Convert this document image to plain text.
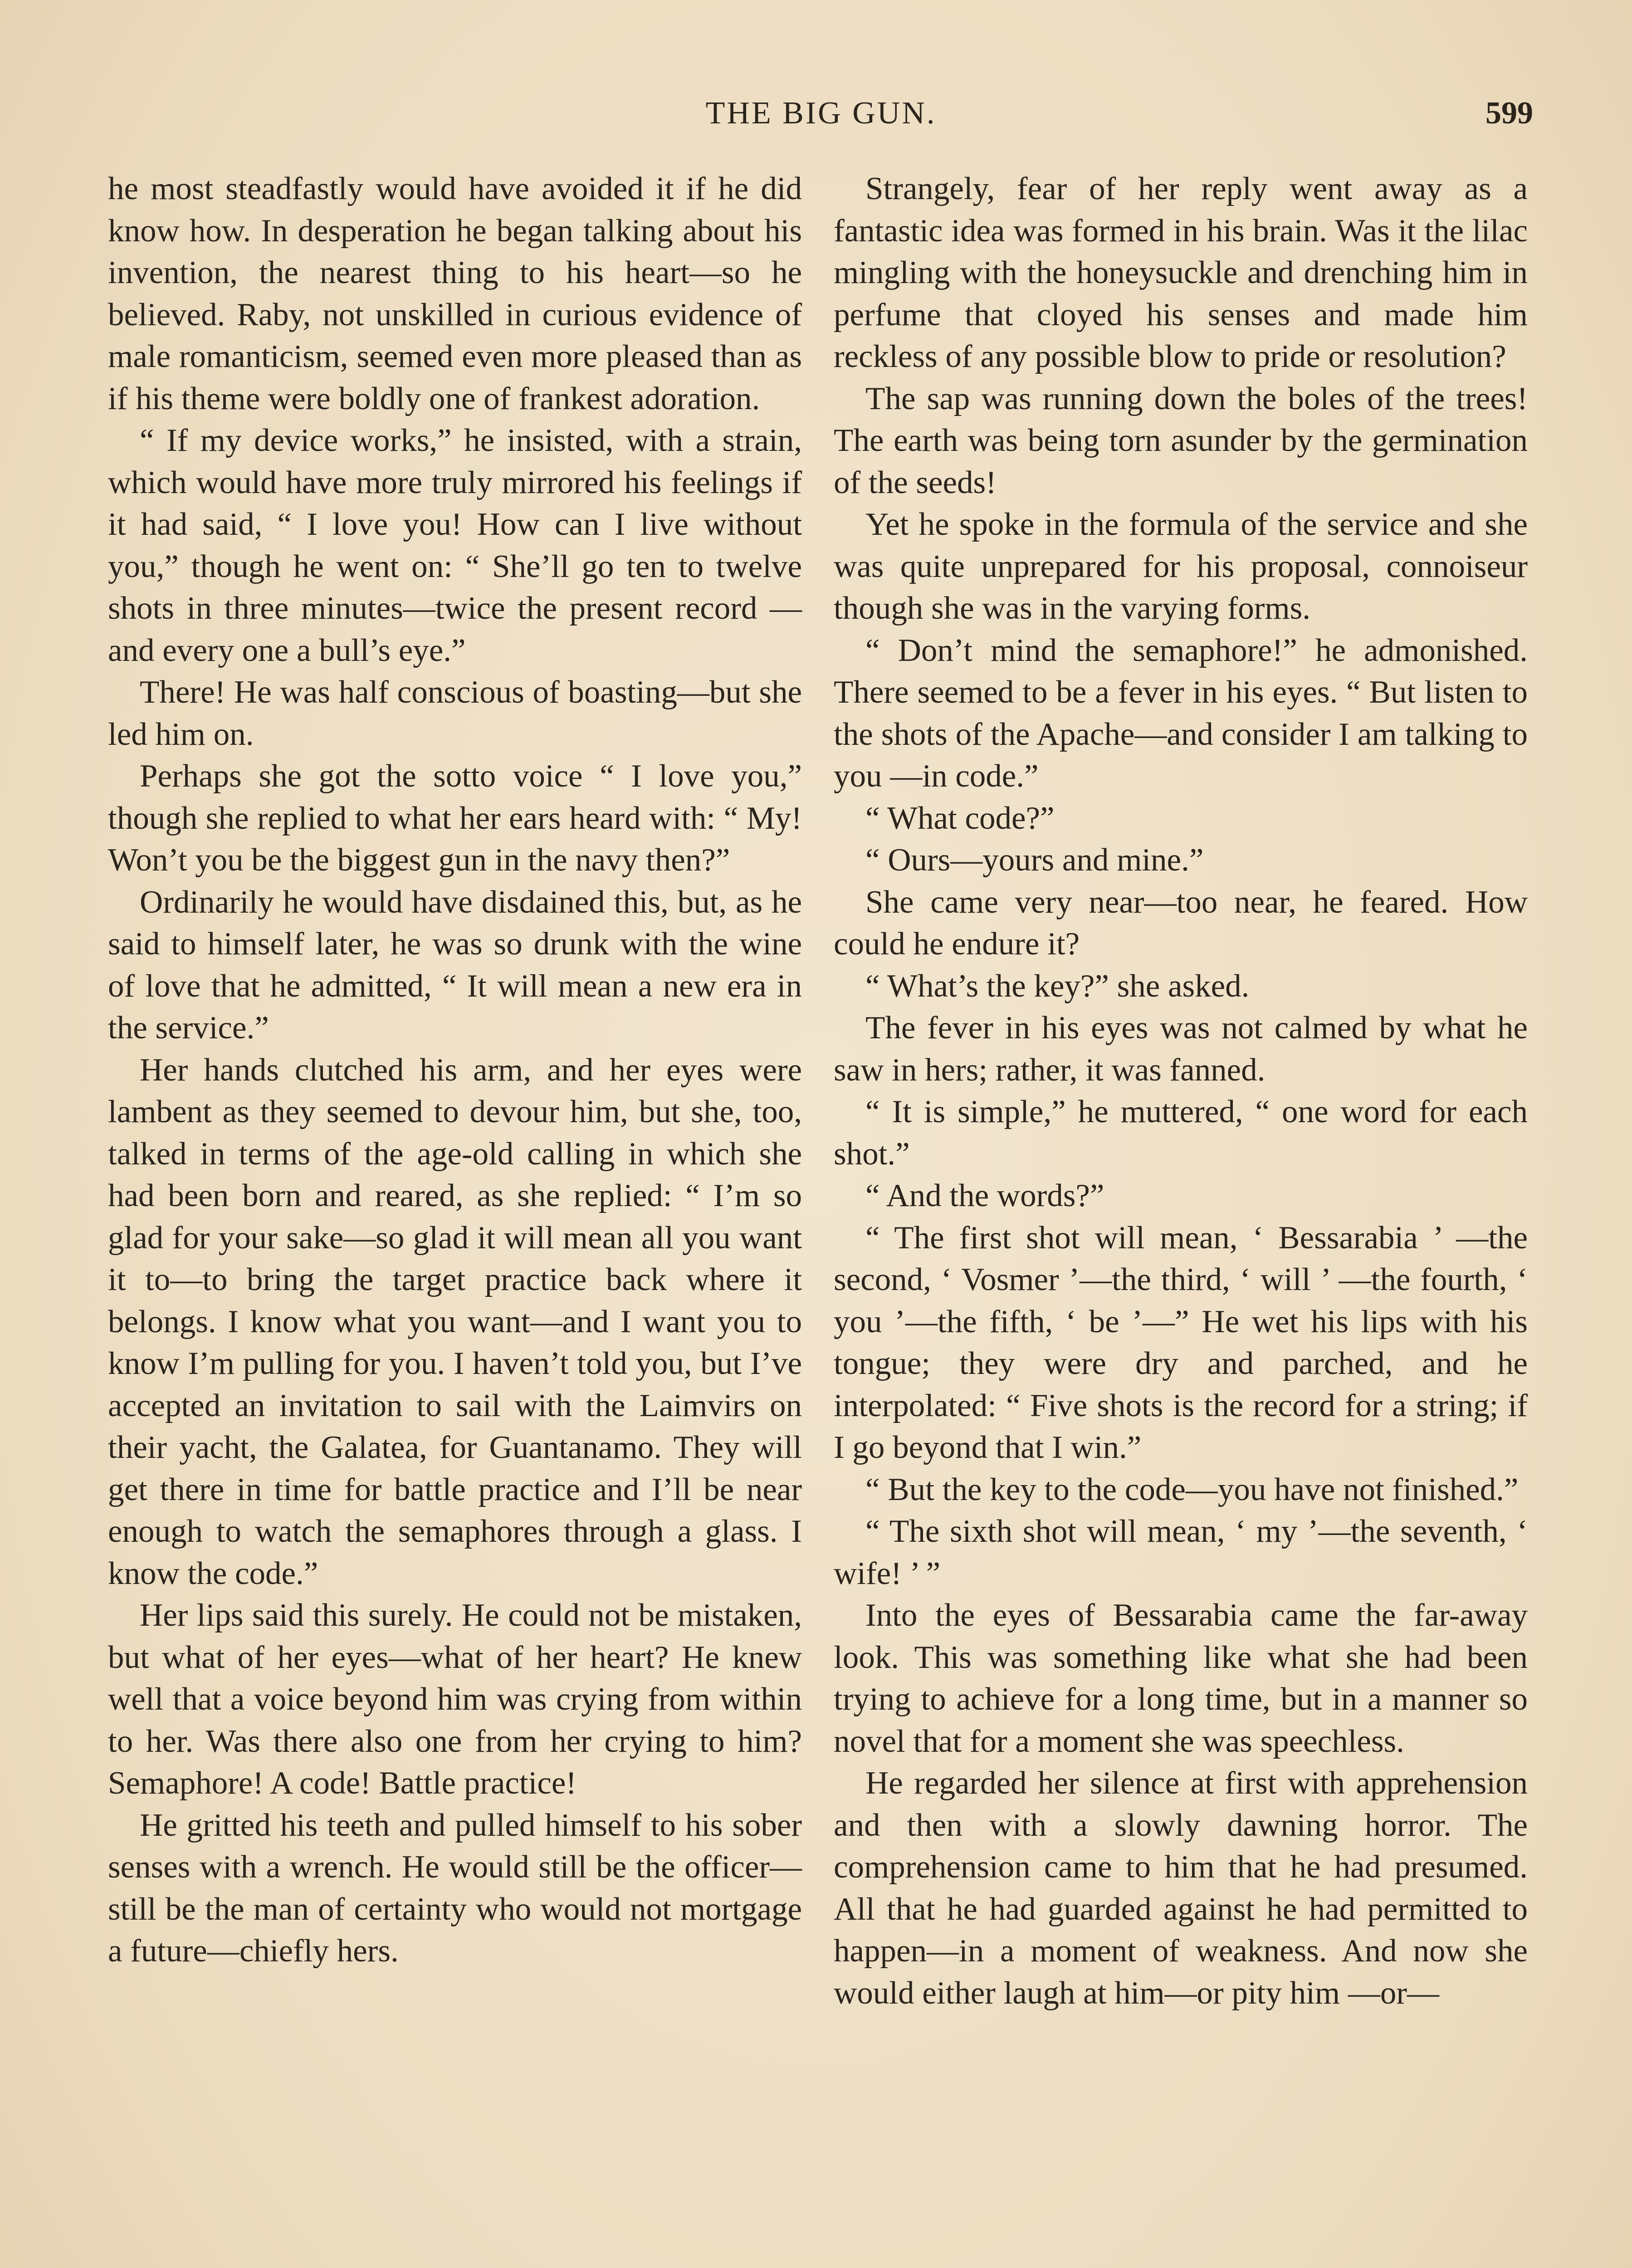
THE BIG GUN.	599

he most steadfastly would have avoided it if he did know how. In desperation he began talking about his invention, the nearest thing to his heart—so he believed. Raby, not unskilled in curious evidence of male romanticism, seemed even more pleased than as if his theme were boldly one of frankest adoration.

“ If my device works,” he insisted, with a strain, which would have more truly mirrored his feelings if it had said, “ I love you! How can I live without you,” though he went on: “ She’ll go ten to twelve shots in three minutes—twice the present record —and every one a bull’s eye.”

There! He was half conscious of boasting—but she led him on.

Perhaps she got the sotto voice “ I love you,” though she replied to what her ears heard with: “ My! Won’t you be the biggest gun in the navy then?”

Ordinarily he would have disdained this, but, as he said to himself later, he was so drunk with the wine of love that he admitted, “ It will mean a new era in the service.”

Her hands clutched his arm, and her eyes were lambent as they seemed to devour him, but she, too, talked in terms of the age-old calling in which she had been born and reared, as she replied: “ I’m so glad for your sake—so glad it will mean all you want it to—to bring the target practice back where it belongs. I know what you want—and I want you to know I’m pulling for you. I haven’t told you, but I’ve accepted an invitation to sail with the Laimvirs on their yacht, the Galatea, for Guantanamo. They will get there in time for battle practice and I’ll be near enough to watch the semaphores through a glass. I know the code.”

Her lips said this surely. He could not be mistaken, but what of her eyes—what of her heart? He knew well that a voice beyond him was crying from within to her. Was there also one from her crying to him? Semaphore! A code! Battle practice!

He gritted his teeth and pulled himself to his sober senses with a wrench. He would still be the officer—still be the man of certainty who would not mortgage a future—chiefly hers.

Strangely, fear of her reply went away as a fantastic idea was formed in his brain. Was it the lilac mingling with the honeysuckle and drenching him in perfume that cloyed his senses and made him reckless of any possible blow to pride or resolution?

The sap was running down the boles of the trees! The earth was being torn asunder by the germination of the seeds!

Yet he spoke in the formula of the service and she was quite unprepared for his proposal, connoiseur though she was in the varying forms.

“ Don’t mind the semaphore!” he admonished. There seemed to be a fever in his eyes. “ But listen to the shots of the Apache—and consider I am talking to you —in code.”

“ What code?”

“ Ours—yours and mine.”

She came very near—too near, he feared. How could he endure it?

“ What’s the key?” she asked.

The fever in his eyes was not calmed by what he saw in hers; rather, it was fanned.

“ It is simple,” he muttered, “ one word for each shot.”

“ And the words?”

“ The first shot will mean, ‘ Bessarabia ’ —the second, ‘ Vosmer ’—the third, ‘ will ’ —the fourth, ‘ you ’—the fifth, ‘ be ’—” He wet his lips with his tongue; they were dry and parched, and he interpolated: “ Five shots is the record for a string; if I go beyond that I win.”

“ But the key to the code—you have not finished.”

“ The sixth shot will mean, ‘ my ’—the seventh, ‘ wife! ’ ”

Into the eyes of Bessarabia came the far-away look. This was something like what she had been trying to achieve for a long time, but in a manner so novel that for a moment she was speechless.

He regarded her silence at first with apprehension and then with a slowly dawning horror. The comprehension came to him that he had presumed. All that he had guarded against he had permitted to happen—in a moment of weakness. And now she would either laugh at him—or pity him —or—
